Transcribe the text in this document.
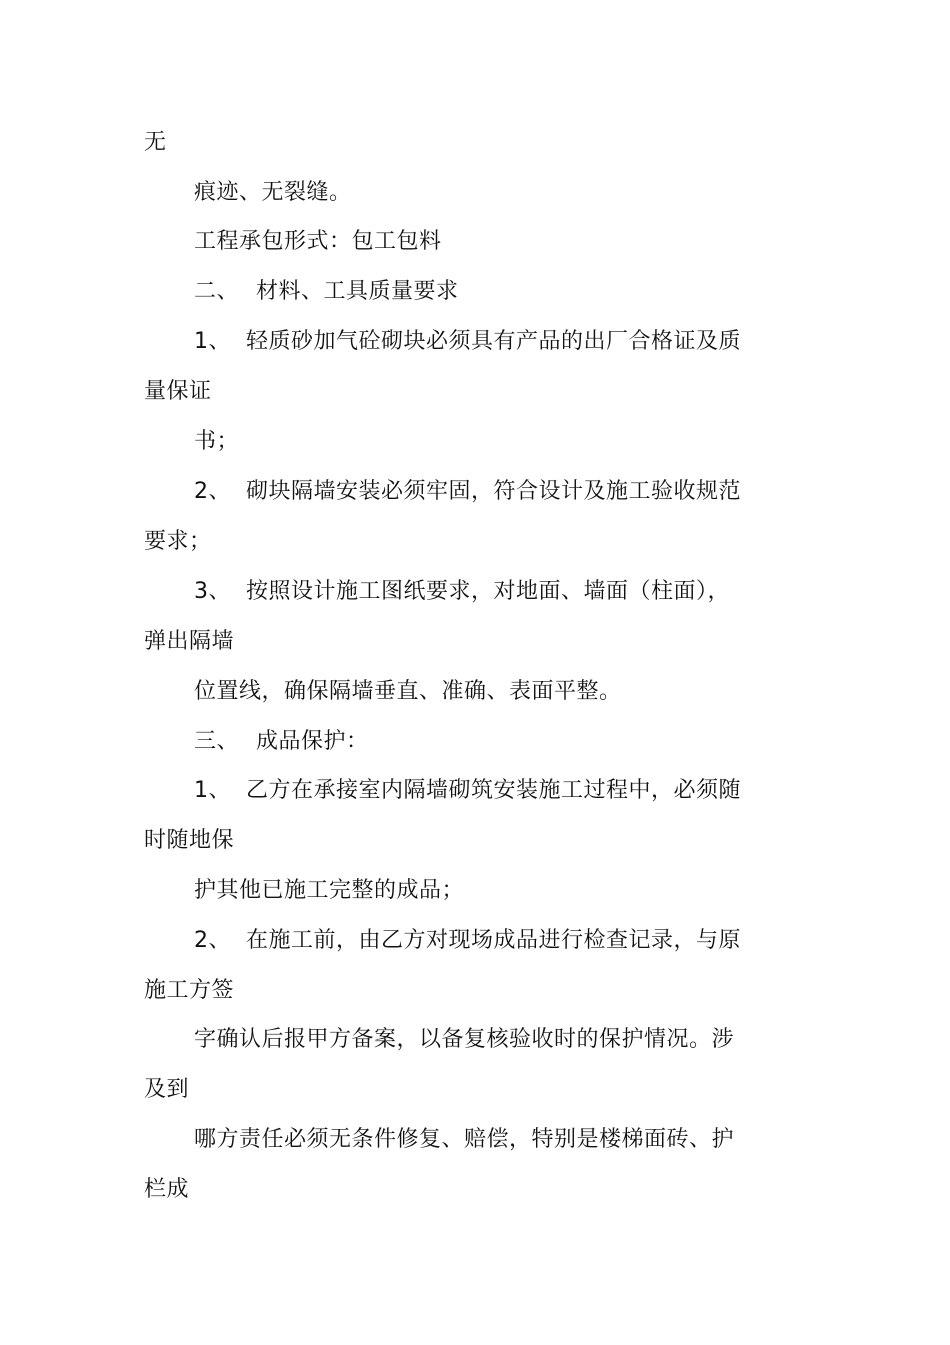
无
痕迹、无裂缝。
工程承包形式：包工包料
二、 材料、工具质量要求
1、 轻质砂加气砼砌块必须具有产品的出厂合格证及质
量保证
书；
2、 砌块隔墙安装必须牢固，符合设计及施工验收规范
要求；
3、 按照设计施工图纸要求，对地面、墙面（柱面），
弹出隔墙
位置线，确保隔墙垂直、准确、表面平整。
三、 成品保护：
1、 乙方在承接室内隔墙砌筑安装施工过程中，必须随
时随地保
护其他已施工完整的成品；
2、 在施工前，由乙方对现场成品进行检查记录，与原
施工方签
字确认后报甲方备案，以备复核验收时的保护情况。涉
及到
哪方责任必须无条件修复、赔偿，特别是楼梯面砖、护
栏成
